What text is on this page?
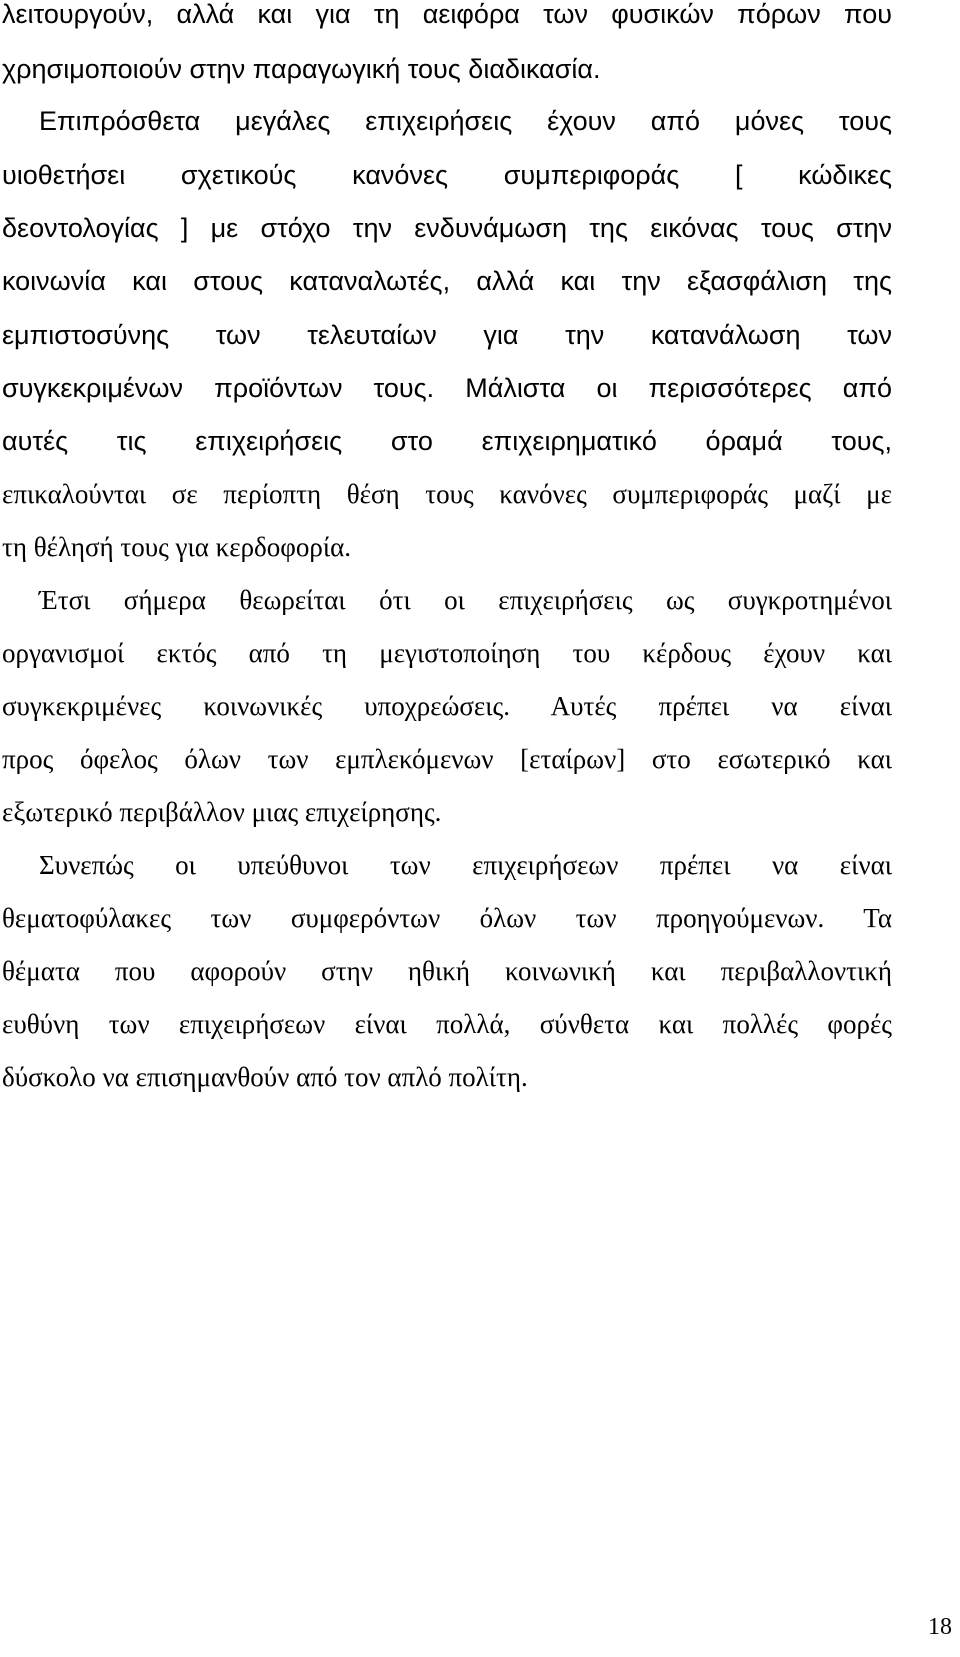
λειτουργούν, αλλά και για τη αειφόρα των φυσικών πόρων που
χρησιμοποιούν στην παραγωγική τους διαδικασία.
Επιπρόσθετα μεγάλες επιχειρήσεις έχουν από μόνες τους
υιοθετήσει σχετικούς κανόνες συμπεριφοράς [ κώδικες
δεοντολογίας ] με στόχο την ενδυνάμωση της εικόνας τους στην
κοινωνία και στους καταναλωτές, αλλά και την εξασφάλιση της
εμπιστοσύνης των τελευταίων για την κατανάλωση των
συγκεκριμένων προϊόντων τους. Μάλιστα οι περισσότερες από
αυτές τις επιχειρήσεις στο επιχειρηματικό όραμά τους,
επικαλούνται σε περίοπτη θέση τους κανόνες συμπεριφοράς μαζί με
τη θέλησή τους για κερδοφορία.
Έτσι σήμερα θεωρείται ότι οι επιχειρήσεις ως συγκροτημένοι
οργανισμοί εκτός από τη μεγιστοποίηση του κέρδους έχουν και
συγκεκριμένες κοινωνικές υποχρεώσεις. Αυτές πρέπει να είναι
προς όφελος όλων των εμπλεκόμενων [εταίρων] στο εσωτερικό και
εξωτερικό περιβάλλον μιας επιχείρησης.
Συνεπώς οι υπεύθυνοι των επιχειρήσεων πρέπει να είναι
θεματοφύλακες των συμφερόντων όλων των προηγούμενων. Τα
θέματα που αφορούν στην ηθική κοινωνική και περιβαλλοντική
ευθύνη των επιχειρήσεων είναι πολλά, σύνθετα και πολλές φορές
δύσκολο να επισημανθούν από τον απλό πολίτη.
18
